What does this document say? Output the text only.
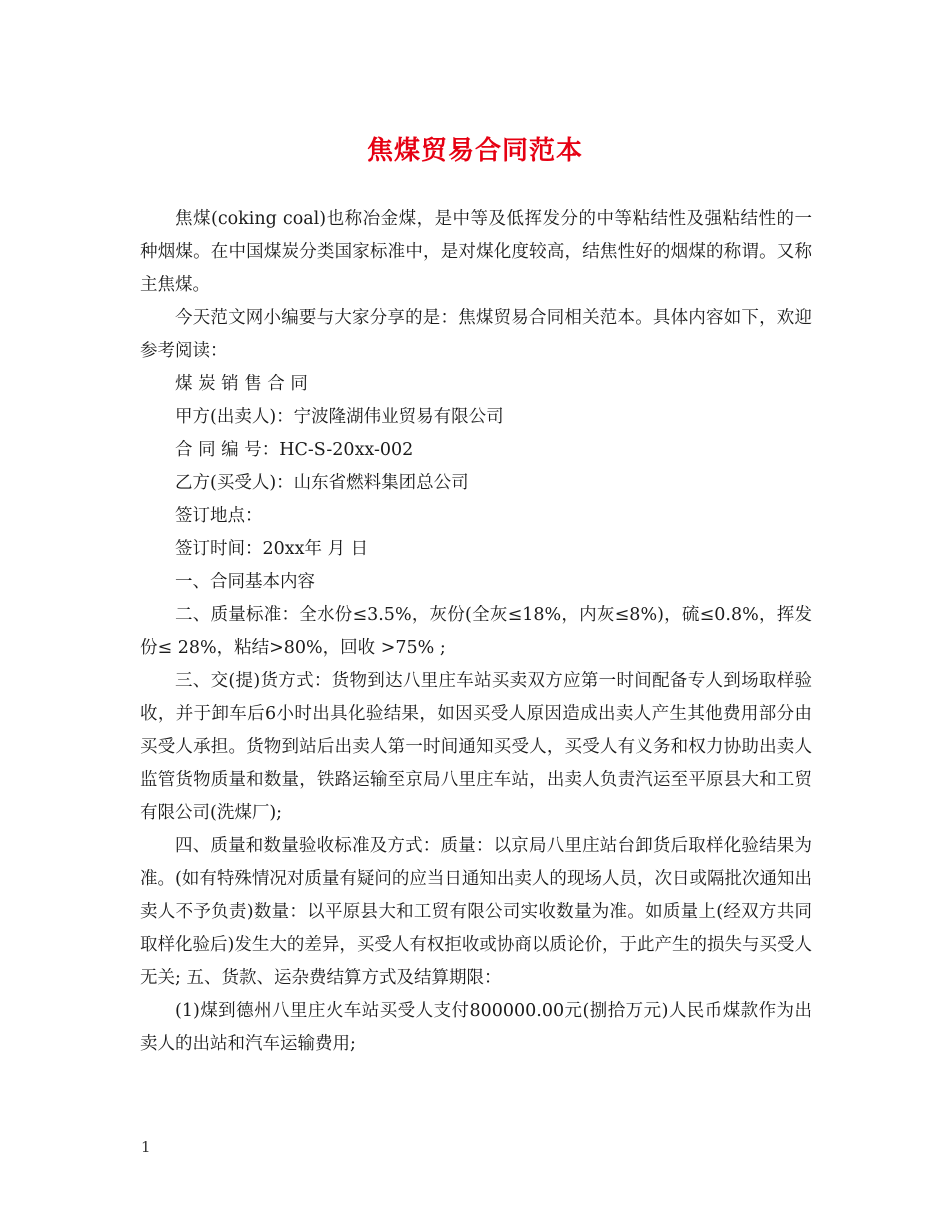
焦煤贸易合同范本

焦煤(coking coal)也称冶金煤，是中等及低挥发分的中等粘结性及强粘结性的一种烟煤。在中国煤炭分类国家标准中，是对煤化度较高，结焦性好的烟煤的称谓。又称主焦煤。

今天范文网小编要与大家分享的是：焦煤贸易合同相关范本。具体内容如下，欢迎参考阅读：

煤 炭 销 售 合 同

甲方(出卖人)：宁波隆湖伟业贸易有限公司

合 同 编 号：HC-S-20xx-002

乙方(买受人)：山东省燃料集团总公司

签订地点：

签订时间：20xx年 月 日

一、合同基本内容

二、质量标准：全水份≤3.5%，灰份(全灰≤18%，内灰≤8%)，硫≤0.8%，挥发份≤ 28%，粘结>80%，回收 >75% ;

三、交(提)货方式：货物到达八里庄车站买卖双方应第一时间配备专人到场取样验收，并于卸车后6小时出具化验结果，如因买受人原因造成出卖人产生其他费用部分由买受人承担。货物到站后出卖人第一时间通知买受人，买受人有义务和权力协助出卖人监管货物质量和数量，铁路运输至京局八里庄车站，出卖人负责汽运至平原县大和工贸有限公司(洗煤厂);

四、质量和数量验收标准及方式：质量：以京局八里庄站台卸货后取样化验结果为准。(如有特殊情况对质量有疑问的应当日通知出卖人的现场人员，次日或隔批次通知出卖人不予负责)数量：以平原县大和工贸有限公司实收数量为准。如质量上(经双方共同取样化验后)发生大的差异，买受人有权拒收或协商以质论价，于此产生的损失与买受人无关; 五、货款、运杂费结算方式及结算期限：

(1)煤到德州八里庄火车站买受人支付800000.00元(捌拾万元)人民币煤款作为出卖人的出站和汽车运输费用;

1
